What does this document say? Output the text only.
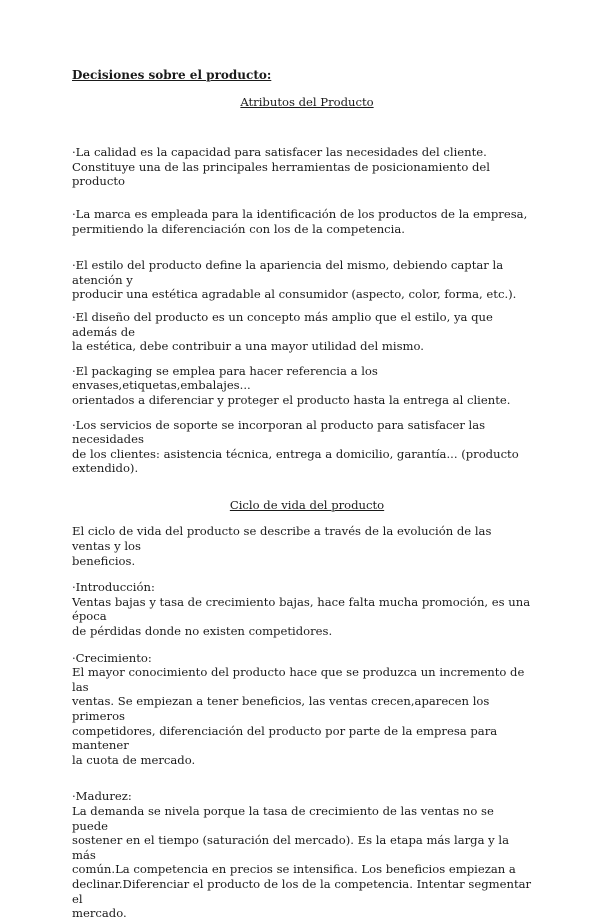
Decisiones sobre el producto:

Atributos del Producto

·La calidad es la capacidad para satisfacer las necesidades del cliente.

Constituye una de las principales herramientas de posicionamiento del producto

·La marca es empleada para la identificación de los productos de la empresa,

permitiendo la diferenciación con los de la competencia.

·El estilo del producto define la apariencia del mismo, debiendo captar la atención y

producir una estética agradable al consumidor (aspecto, color, forma, etc.).

·El diseño del producto es un concepto más amplio que el estilo, ya que además de

la estética, debe contribuir a una mayor utilidad del mismo.

·El packaging se emplea para hacer referencia a los envases,etiquetas,embalajes...

orientados a diferenciar y proteger el producto hasta la entrega al cliente.

·Los servicios de soporte se incorporan al producto para satisfacer las necesidades

de los clientes: asistencia técnica, entrega a domicilio, garantía... (producto

extendido).

Ciclo de vida del producto

El ciclo de vida del producto se describe a través de la evolución de las ventas y los

beneficios.

·Introducción:

Ventas bajas y tasa de crecimiento bajas, hace falta mucha promoción, es una época

de pérdidas donde no existen competidores.

·Crecimiento:

El mayor conocimiento del producto hace que se produzca un incremento de las

ventas. Se empiezan a tener beneficios, las ventas crecen,aparecen los primeros

competidores, diferenciación del producto por parte de la empresa para mantener

la cuota de mercado.

·Madurez:

La demanda se nivela porque la tasa de crecimiento de las ventas no se puede

sostener en el tiempo (saturación del mercado). Es la etapa más larga y la más

común.La competencia en precios se intensifica. Los beneficios empiezan a

declinar.Diferenciar el producto de los de la competencia. Intentar segmentar el

mercado.
